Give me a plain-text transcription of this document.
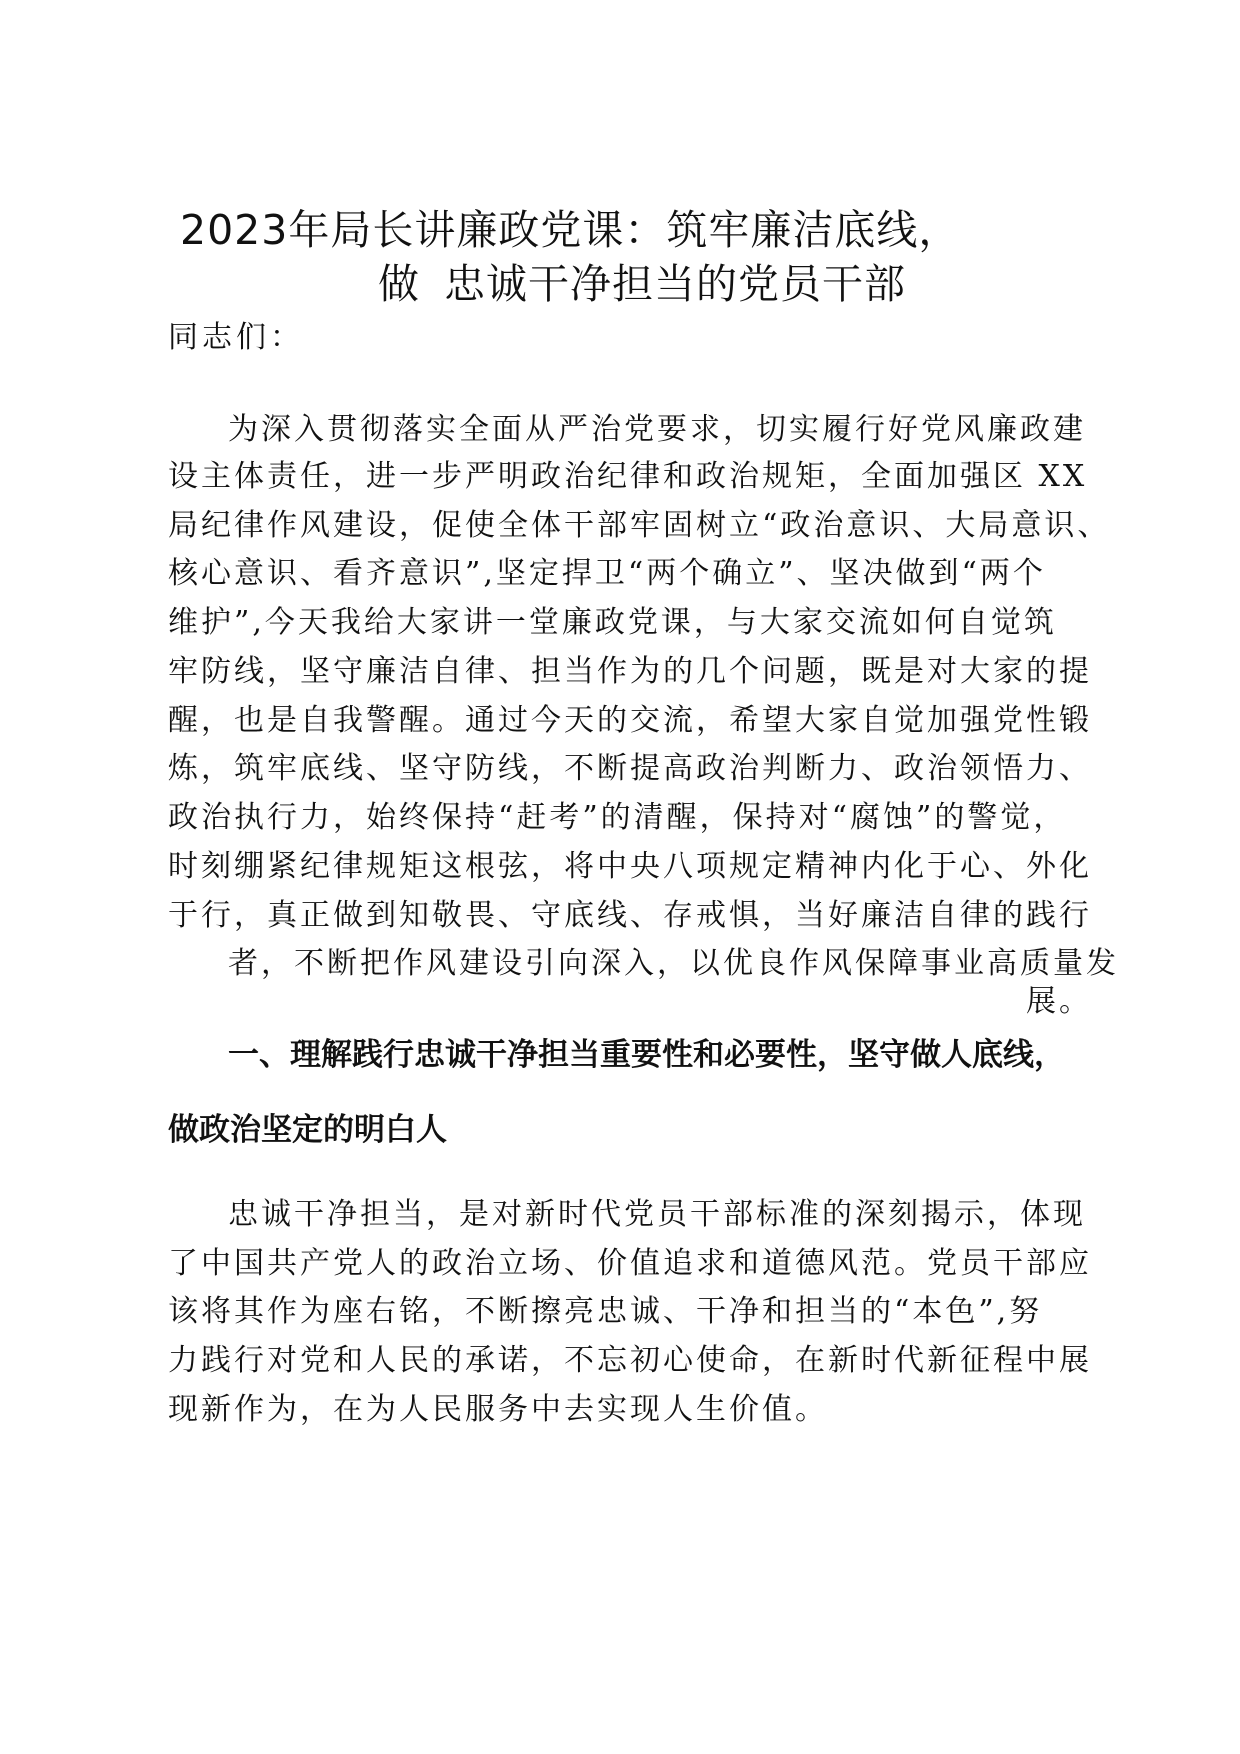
2023年局长讲廉政党课：筑牢廉洁底线，
做 忠诚干净担当的党员干部
同志们：
为深入贯彻落实全面从严治党要求，切实履行好党风廉政建
设主体责任，进一步严明政治纪律和政治规矩，全面加强区 XX
局纪律作风建设，促使全体干部牢固树立“政治意识、大局意识、
核心意识、看齐意识”,坚定捍卫“两个确立”、坚决做到“两个
维护”,今天我给大家讲一堂廉政党课，与大家交流如何自觉筑
牢防线，坚守廉洁自律、担当作为的几个问题，既是对大家的提
醒，也是自我警醒。通过今天的交流，希望大家自觉加强党性锻
炼，筑牢底线、坚守防线，不断提高政治判断力、政治领悟力、
政治执行力，始终保持“赶考”的清醒，保持对“腐蚀”的警觉，
时刻绷紧纪律规矩这根弦，将中央八项规定精神内化于心、外化
于行，真正做到知敬畏、守底线、存戒惧，当好廉洁自律的践行
者，不断把作风建设引向深入，以优良作风保障事业高质量发
展。
一、理解践行忠诚干净担当重要性和必要性，坚守做人底线，
做政治坚定的明白人
忠诚干净担当，是对新时代党员干部标准的深刻揭示，体现
了中国共产党人的政治立场、价值追求和道德风范。党员干部应
该将其作为座右铭，不断擦亮忠诚、干净和担当的“本色”,努
力践行对党和人民的承诺，不忘初心使命，在新时代新征程中展
现新作为，在为人民服务中去实现人生价值。
